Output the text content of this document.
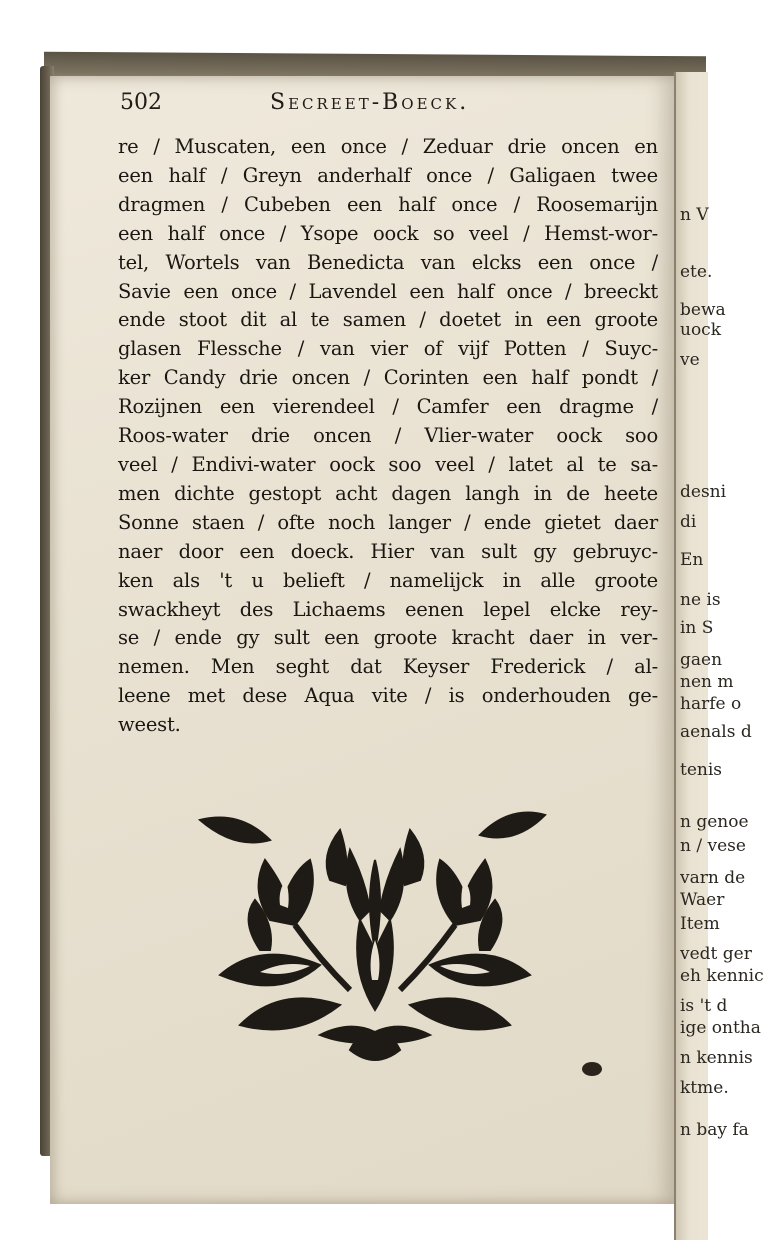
n V
ete.
bewa
uock
ve
desni
di
En
ne is
in S
gaen
nen m
harfe o
aenals d
tenis
n genoe
n / vese
varn de
Waer
Item
vedt ger
eh kennic
is 't d
ige ontha
n kennis
ktme.
n bay fa
502	Secreet-Boeck.
re / Muscaten, een once / Zeduar drie oncen en
een half / Greyn anderhalf once / Galigaen twee
dragmen / Cubeben een half once / Roosemarijn
een half once / Ysope oock so veel / Hemst-wor-
tel, Wortels van Benedicta van elcks een once /
Savie een once / Lavendel een half once / breeckt
ende stoot dit al te samen / doetet in een groote
glasen Flessche / van vier of vijf Potten / Suyc-
ker Candy drie oncen / Corinten een half pondt /
Rozijnen een vierendeel / Camfer een dragme /
Roos-water drie oncen / Vlier-water oock soo
veel / Endivi-water oock soo veel / latet al te sa-
men dichte gestopt acht dagen langh in de heete
Sonne staen / ofte noch langer / ende gietet daer
naer door een doeck. Hier van sult gy gebruyc-
ken als 't u belieft / namelijck in alle groote
swackheyt des Lichaems eenen lepel elcke rey-
se / ende gy sult een groote kracht daer in ver-
nemen. Men seght dat Keyser Frederick / al-
leene met dese Aqua vite / is onderhouden ge-
weest.
